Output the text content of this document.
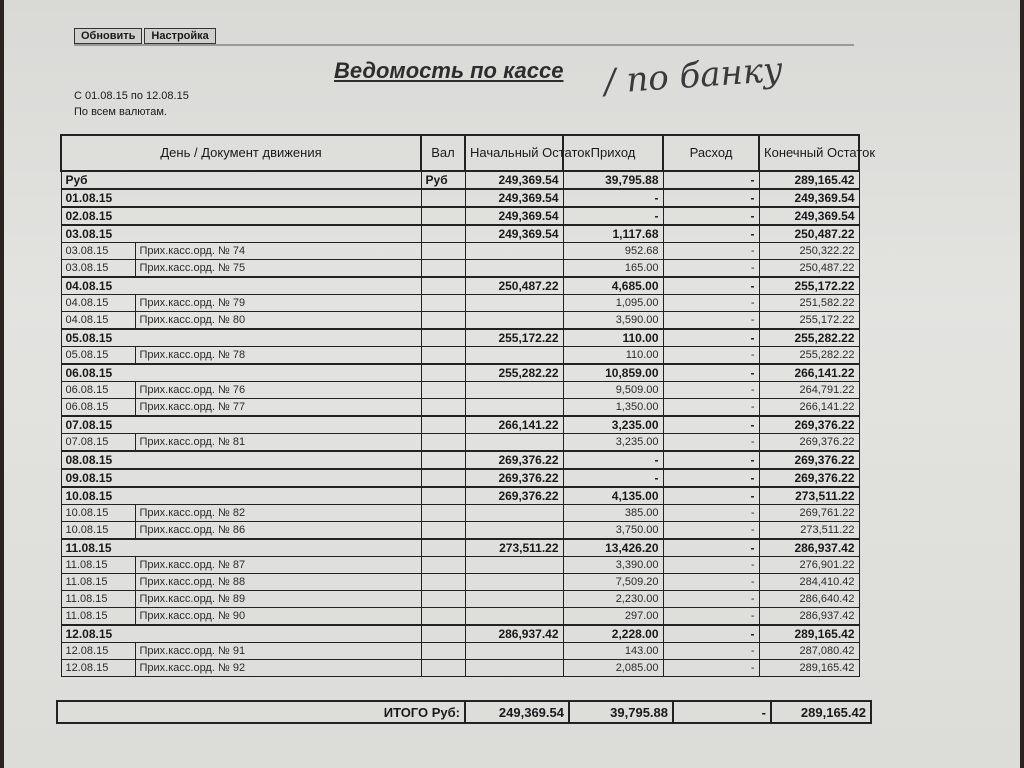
Обновить Настройка
Ведомость по кассе / по банку
С 01.08.15 по 12.08.15
По всем валютам.
День / Документ движения		Вал	Начальный Остаток	Приход	Расход	Конечный Остаток
Руб		Руб	249,369.54	39,795.88	-	289,165.42
01.08.15			249,369.54	-	-	249,369.54
02.08.15			249,369.54	-	-	249,369.54
03.08.15			249,369.54	1,117.68	-	250,487.22
03.08.15	Прих.касс.орд. № 74			952.68	-	250,322.22
03.08.15	Прих.касс.орд. № 75			165.00	-	250,487.22
04.08.15			250,487.22	4,685.00	-	255,172.22
04.08.15	Прих.касс.орд. № 79			1,095.00	-	251,582.22
04.08.15	Прих.касс.орд. № 80			3,590.00	-	255,172.22
05.08.15			255,172.22	110.00	-	255,282.22
05.08.15	Прих.касс.орд. № 78			110.00	-	255,282.22
06.08.15			255,282.22	10,859.00	-	266,141.22
06.08.15	Прих.касс.орд. № 76			9,509.00	-	264,791.22
06.08.15	Прих.касс.орд. № 77			1,350.00	-	266,141.22
07.08.15			266,141.22	3,235.00	-	269,376.22
07.08.15	Прих.касс.орд. № 81			3,235.00	-	269,376.22
08.08.15			269,376.22	-	-	269,376.22
09.08.15			269,376.22	-	-	269,376.22
10.08.15			269,376.22	4,135.00	-	273,511.22
10.08.15	Прих.касс.орд. № 82			385.00	-	269,761.22
10.08.15	Прих.касс.орд. № 86			3,750.00	-	273,511.22
11.08.15			273,511.22	13,426.20	-	286,937.42
11.08.15	Прих.касс.орд. № 87			3,390.00	-	276,901.22
11.08.15	Прих.касс.орд. № 88			7,509.20	-	284,410.42
11.08.15	Прих.касс.орд. № 89			2,230.00	-	286,640.42
11.08.15	Прих.касс.орд. № 90			297.00	-	286,937.42
12.08.15			286,937.42	2,228.00	-	289,165.42
12.08.15	Прих.касс.орд. № 91			143.00	-	287,080.42
12.08.15	Прих.касс.орд. № 92			2,085.00	-	289,165.42
ИТОГО Руб:	249,369.54	39,795.88	-	289,165.42
